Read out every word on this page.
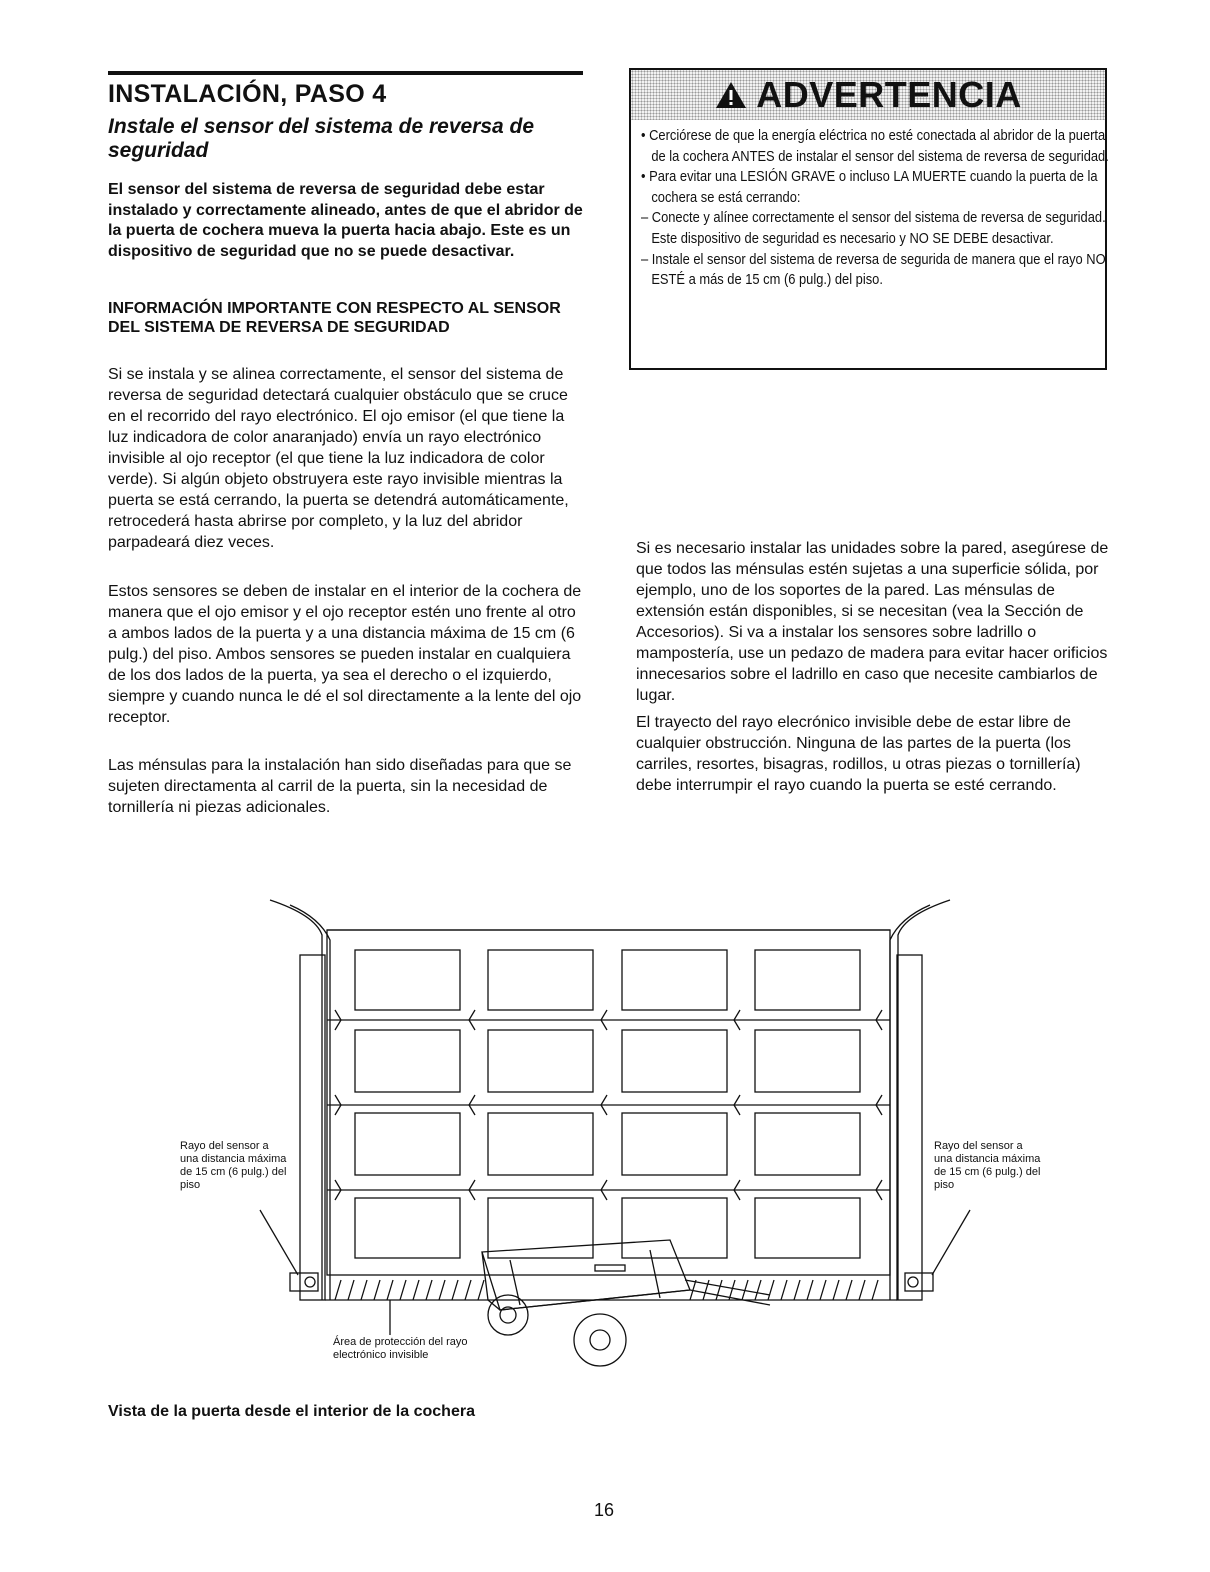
INSTALACIÓN, PASO 4
Instale el sensor del sistema de reversa de seguridad

El sensor del sistema de reversa de seguridad debe estar instalado y correctamente alineado, antes de que el abridor de la puerta de cochera mueva la puerta hacia abajo. Este es un dispositivo de seguridad que no se puede desactivar.

INFORMACIÓN IMPORTANTE CON RESPECTO AL SENSOR DEL SISTEMA DE REVERSA DE SEGURIDAD

Si se instala y se alinea correctamente, el sensor del sistema de reversa de seguridad detectará cualquier obstáculo que se cruce en el recorrido del rayo electrónico. El ojo emisor (el que tiene la luz indicadora de color anaranjado) envía un rayo electrónico invisible al ojo receptor (el que tiene la luz indicadora de color verde). Si algún objeto obstruyera este rayo invisible mientras la puerta se está cerrando, la puerta se detendrá automáticamente, retrocederá hasta abrirse por completo, y la luz del abridor parpadeará diez veces.

Estos sensores se deben de instalar en el interior de la cochera de manera que el ojo emisor y el ojo receptor estén uno frente al otro a ambos lados de la puerta y a una distancia máxima de 15 cm (6 pulg.) del piso. Ambos sensores se pueden instalar en cualquiera de los dos lados de la puerta, ya sea el derecho o el izquierdo, siempre y cuando nunca le dé el sol directamente a la lente del ojo receptor.

Las ménsulas para la instalación han sido diseñadas para que se sujeten directamenta al carril de la puerta, sin la necesidad de tornillería ni piezas adicionales.

ADVERTENCIA
• Cerciórese de que la energía eléctrica no esté conectada al abridor de la puerta de la cochera ANTES de instalar el sensor del sistema de reversa de seguridad.
• Para evitar una LESIÓN GRAVE o incluso LA MUERTE cuando la puerta de la cochera se está cerrando:
– Conecte y alínee correctamente el sensor del sistema de reversa de seguridad. Este dispositivo de seguridad es necesario y NO SE DEBE desactivar.
– Instale el sensor del sistema de reversa de segurida de manera que el rayo NO ESTÉ a más de 15 cm (6 pulg.) del piso.

Si es necesario instalar las unidades sobre la pared, asegúrese de que todos las ménsulas estén sujetas a una superficie sólida, por ejemplo, uno de los soportes de la pared. Las ménsulas de extensión están disponibles, si se necesitan (vea la Sección de Accesorios). Si va a instalar los sensores sobre ladrillo o mampostería, use un pedazo de madera para evitar hacer orificios innecesarios sobre el ladrillo en caso que necesite cambiarlos de lugar.

El trayecto del rayo elecrónico invisible debe de estar libre de cualquier obstrucción. Ninguna de las partes de la puerta (los carriles, resortes, bisagras, rodillos, u otras piezas o tornillería) debe interrumpir el rayo cuando la puerta se esté cerrando.

Rayo del sensor a una distancia máxima de 15 cm (6 pulg.) del piso
Rayo del sensor a una distancia máxima de 15 cm (6 pulg.) del piso
Área de protección del rayo electrónico invisible

Vista de la puerta desde el interior de la cochera

16
